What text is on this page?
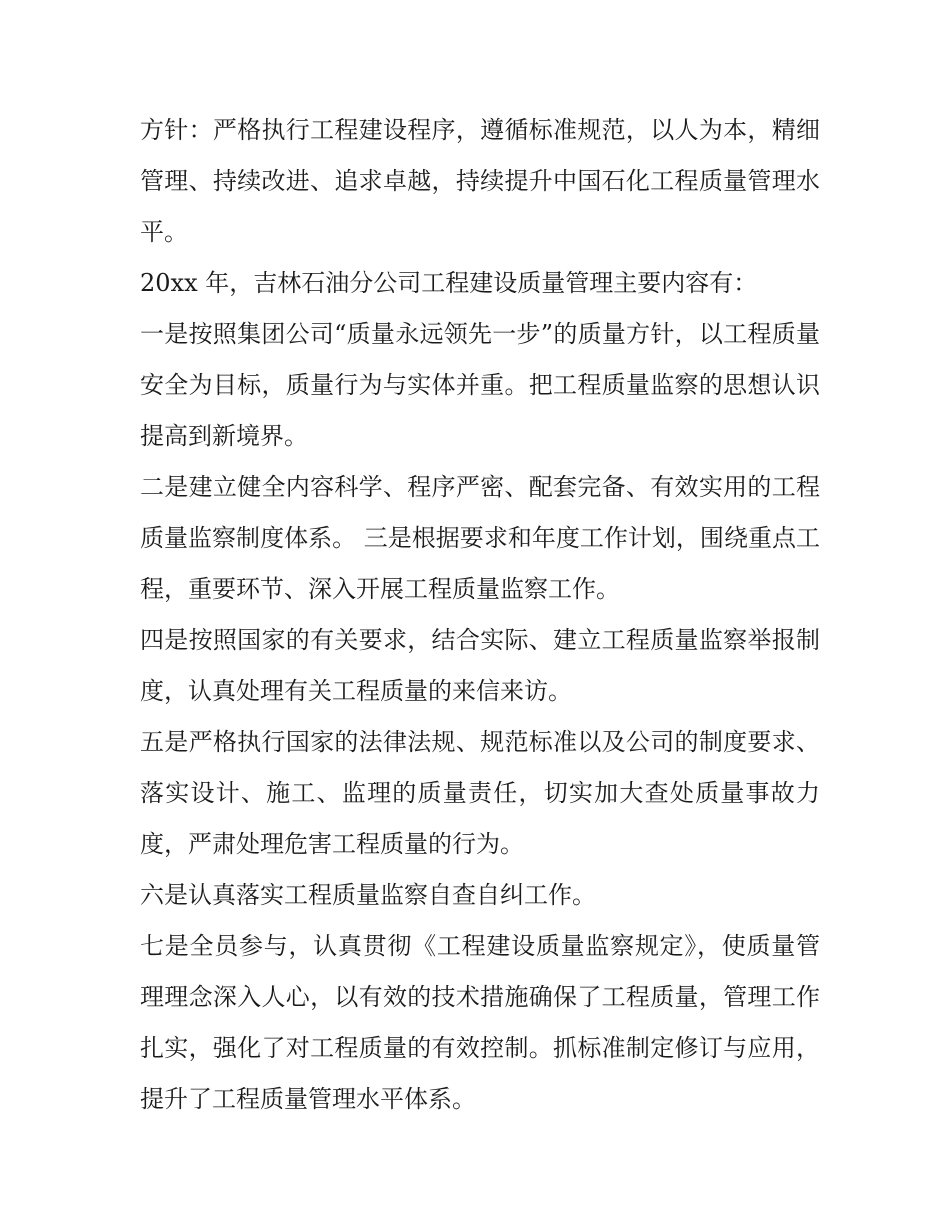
方针：严格执行工程建设程序，遵循标准规范，以人为本，精细管理、持续改进、追求卓越，持续提升中国石化工程质量管理水平。

20xx 年，吉林石油分公司工程建设质量管理主要内容有：

一是按照集团公司“质量永远领先一步”的质量方针，以工程质量安全为目标，质量行为与实体并重。把工程质量监察的思想认识提高到新境界。

二是建立健全内容科学、程序严密、配套完备、有效实用的工程质量监察制度体系。 三是根据要求和年度工作计划，围绕重点工程，重要环节、深入开展工程质量监察工作。

四是按照国家的有关要求，结合实际、建立工程质量监察举报制度，认真处理有关工程质量的来信来访。

五是严格执行国家的法律法规、规范标准以及公司的制度要求、落实设计、施工、监理的质量责任，切实加大查处质量事故力度，严肃处理危害工程质量的行为。

六是认真落实工程质量监察自查自纠工作。

七是全员参与，认真贯彻《工程建设质量监察规定》，使质量管理理念深入人心，以有效的技术措施确保了工程质量，管理工作扎实，强化了对工程质量的有效控制。抓标准制定修订与应用，提升了工程质量管理水平体系。
